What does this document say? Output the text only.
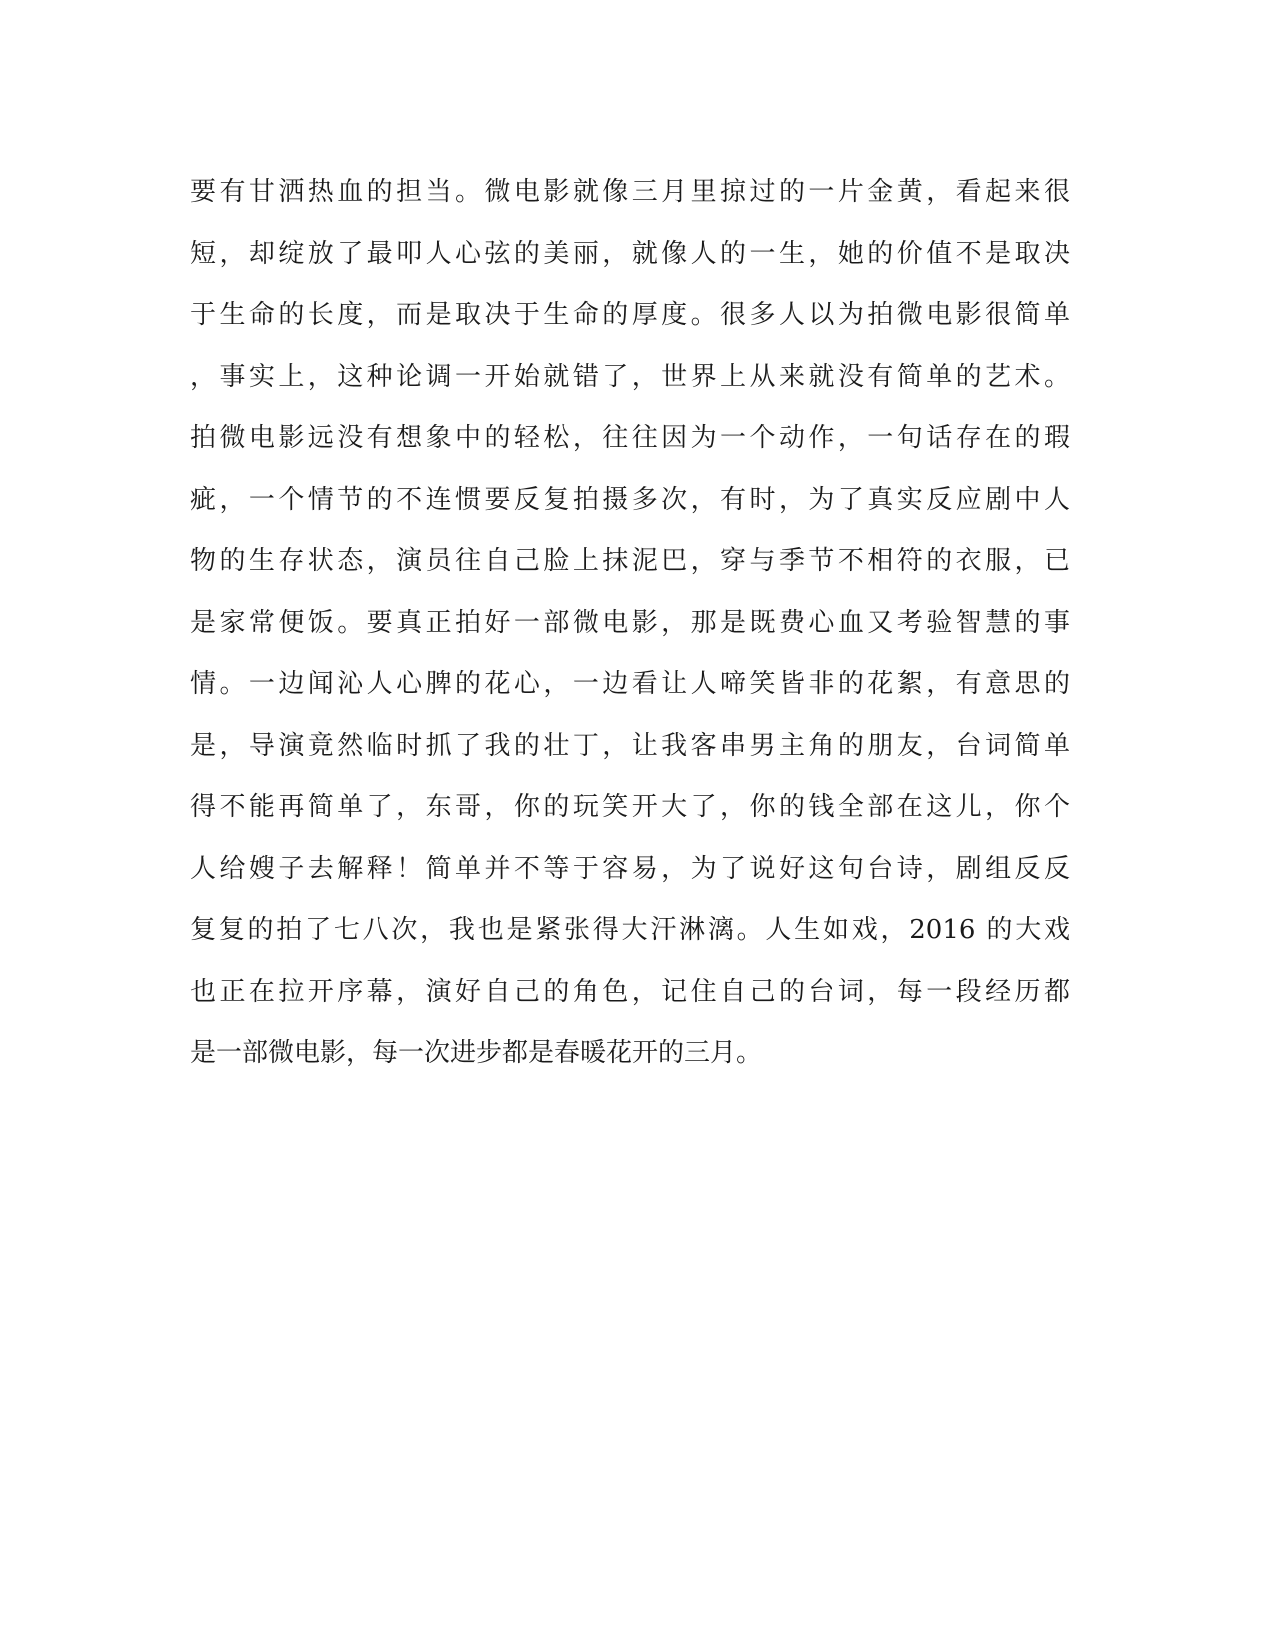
要有甘洒热血的担当。微电影就像三月里掠过的一片金黄，看起来很
短，却绽放了最叩人心弦的美丽，就像人的一生，她的价值不是取决
于生命的长度，而是取决于生命的厚度。很多人以为拍微电影很简单
，事实上，这种论调一开始就错了，世界上从来就没有简单的艺术。
拍微电影远没有想象中的轻松，往往因为一个动作，一句话存在的瑕
疵，一个情节的不连惯要反复拍摄多次，有时，为了真实反应剧中人
物的生存状态，演员往自己脸上抹泥巴，穿与季节不相符的衣服，已
是家常便饭。要真正拍好一部微电影，那是既费心血又考验智慧的事
情。一边闻沁人心脾的花心，一边看让人啼笑皆非的花絮，有意思的
是，导演竟然临时抓了我的壮丁，让我客串男主角的朋友，台词简单
得不能再简单了，东哥，你的玩笑开大了，你的钱全部在这儿，你个
人给嫂子去解释！简单并不等于容易，为了说好这句台诗，剧组反反
复复的拍了七八次，我也是紧张得大汗淋漓。人生如戏，2016 的大戏
也正在拉开序幕，演好自己的角色，记住自己的台词，每一段经历都
是一部微电影，每一次进步都是春暖花开的三月。
